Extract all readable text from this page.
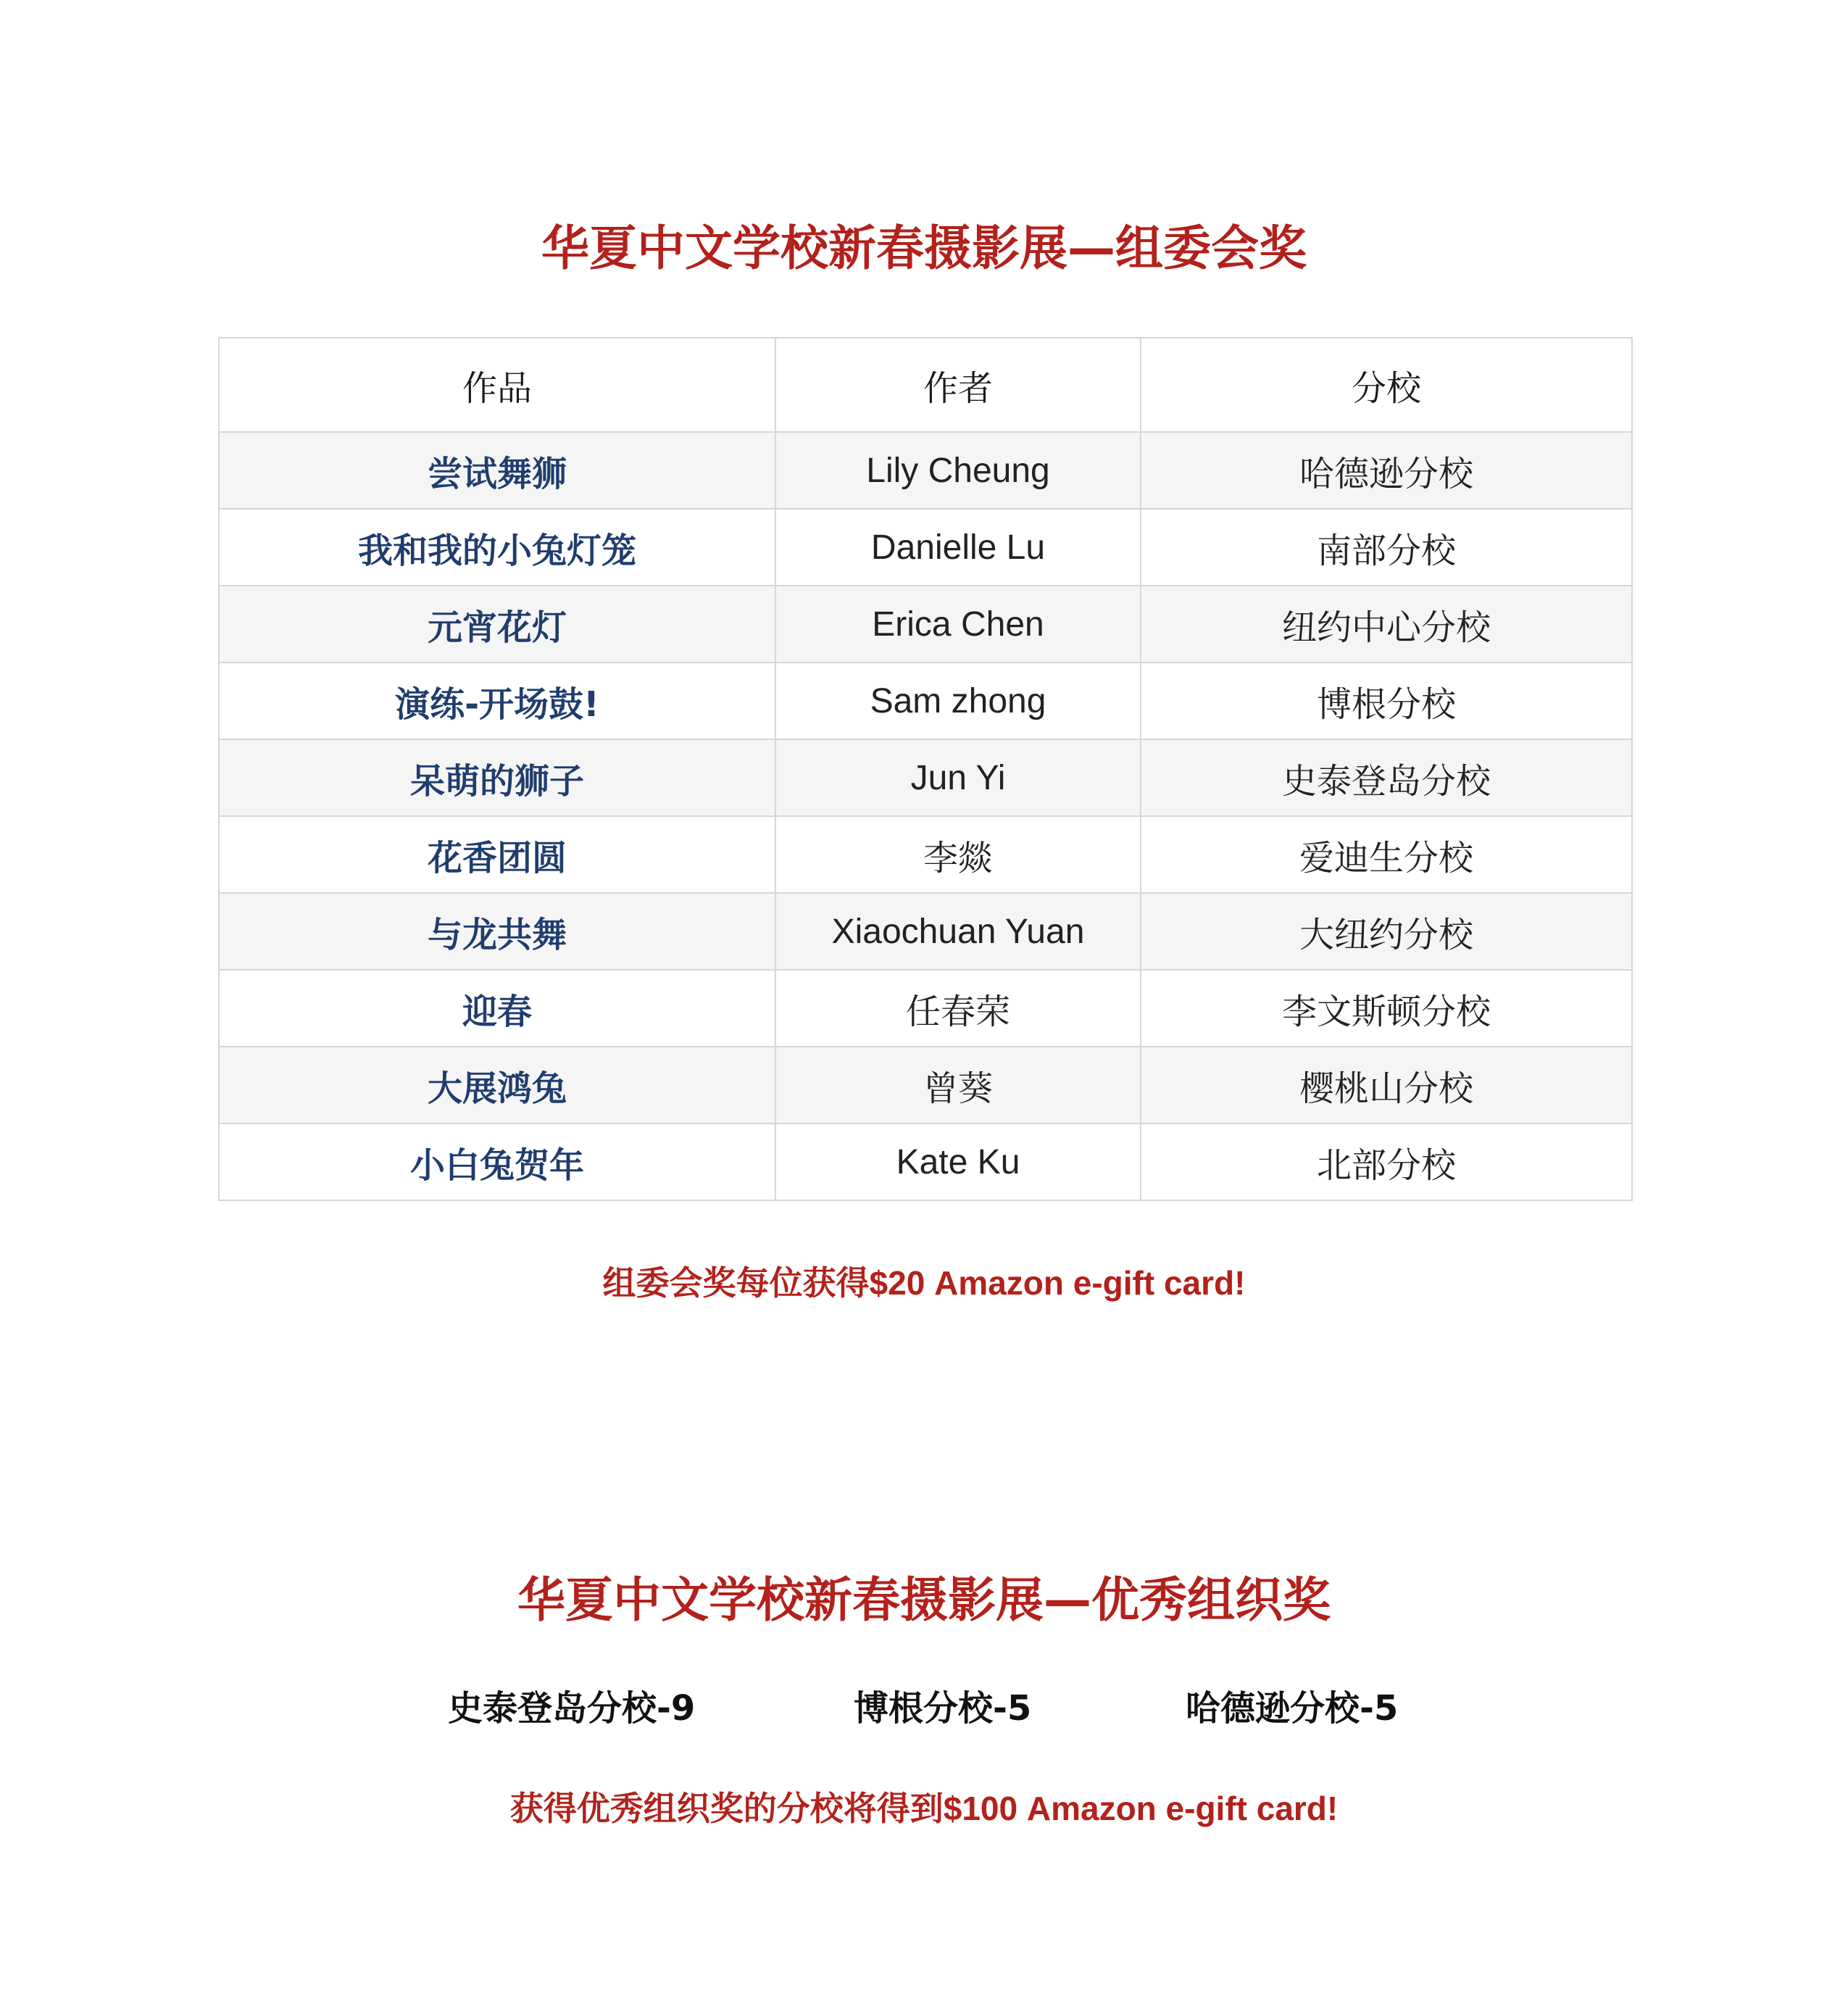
华夏中文学校新春摄影展—组委会奖
作品	作者	分校
尝试舞狮	Lily Cheung	哈德逊分校
我和我的小兔灯笼	Danielle Lu	南部分校
元宵花灯	Erica Chen	纽约中心分校
演练-开场鼓!	Sam zhong	博根分校
呆萌的狮子	Jun Yi	史泰登岛分校
花香团圆	李燚	爱迪生分校
与龙共舞	Xiaochuan Yuan	大纽约分校
迎春	任春荣	李文斯顿分校
大展鸿兔	曾葵	樱桃山分校
小白兔贺年	Kate Ku	北部分校

组委会奖每位获得$20 Amazon e-gift card!

华夏中文学校新春摄影展—优秀组织奖
史泰登岛分校-9	博根分校-5	哈德逊分校-5

获得优秀组织奖的分校将得到$100 Amazon e-gift card!
